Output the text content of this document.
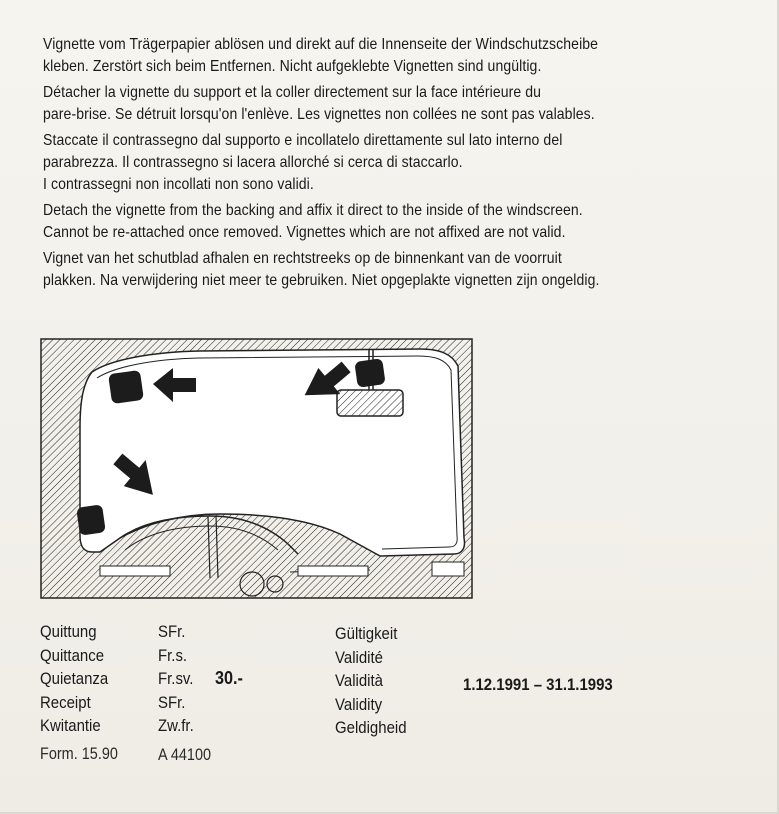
Vignette vom Trägerpapier ablösen und direkt auf die Innenseite der Windschutzscheibe
kleben. Zerstört sich beim Entfernen. Nicht aufgeklebte Vignetten sind ungültig.

Détacher la vignette du support et la coller directement sur la face intérieure du
pare-brise. Se détruit lorsqu'on l'enlève. Les vignettes non collées ne sont pas valables.

Staccate il contrassegno dal supporto e incollatelo direttamente sul lato interno del
parabrezza. Il contrassegno si lacera allorché si cerca di staccarlo.
I contrassegni non incollati non sono validi.

Detach the vignette from the backing and affix it direct to the inside of the windscreen.
Cannot be re-attached once removed. Vignettes which are not affixed are not valid.

Vignet van het schutblad afhalen en rechtstreeks op de binnenkant van de voorruit
plakken. Na verwijdering niet meer te gebruiken. Niet opgeplakte vignetten zijn ongeldig.

Quittung
Quittance
Quietanza
Receipt
Kwitantie
SFr.
Fr.s.
Fr.sv.
SFr.
Zw.fr.
30.-
Gültigkeit
Validité
Validità
Validity
Geldigheid
1.12.1991 – 31.1.1993
Form. 15.90 A 44100
